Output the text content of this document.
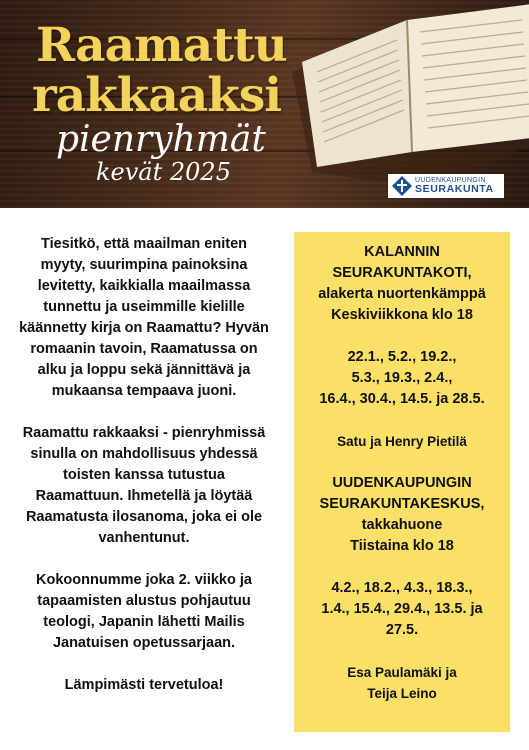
Raamattu
rakkaaksi
pienryhmät
kevät 2025	UUDENKAUPUNGIN
SEURAKUNTA

Tiesitkö, että maailman eniten myyty, suurimpina painoksina levitetty, kaikkialla maailmassa tunnettu ja useimmille kielille käännetty kirja on Raamattu? Hyvän romaanin tavoin, Raamatussa on alku ja loppu sekä jännittävä ja mukaansa tempaava juoni.

Raamattu rakkaaksi - pienryhmissä sinulla on mahdollisuus yhdessä toisten kanssa tutustua Raamattuun. Ihmetellä ja löytää Raamatusta ilosanoma, joka ei ole vanhentunut.

Kokoonnumme joka 2. viikko ja tapaamisten alustus pohjautuu teologi, Japanin lähetti Mailis Janatuisen opetussarjaan.

Lämpimästi tervetuloa!

KALANNIN

SEURAKUNTAKOTI,

alakerta nuortenkämppä

Keskiviikkona klo 18

22.1., 5.2., 19.2.,

5.3., 19.3., 2.4.,

16.4., 30.4., 14.5. ja 28.5.

Satu ja Henry Pietilä

UUDENKAUPUNGIN

SEURAKUNTAKESKUS,

takkahuone

Tiistaina klo 18

4.2., 18.2., 4.3., 18.3.,

1.4., 15.4., 29.4., 13.5. ja

27.5.

Esa Paulamäki ja

Teija Leino
